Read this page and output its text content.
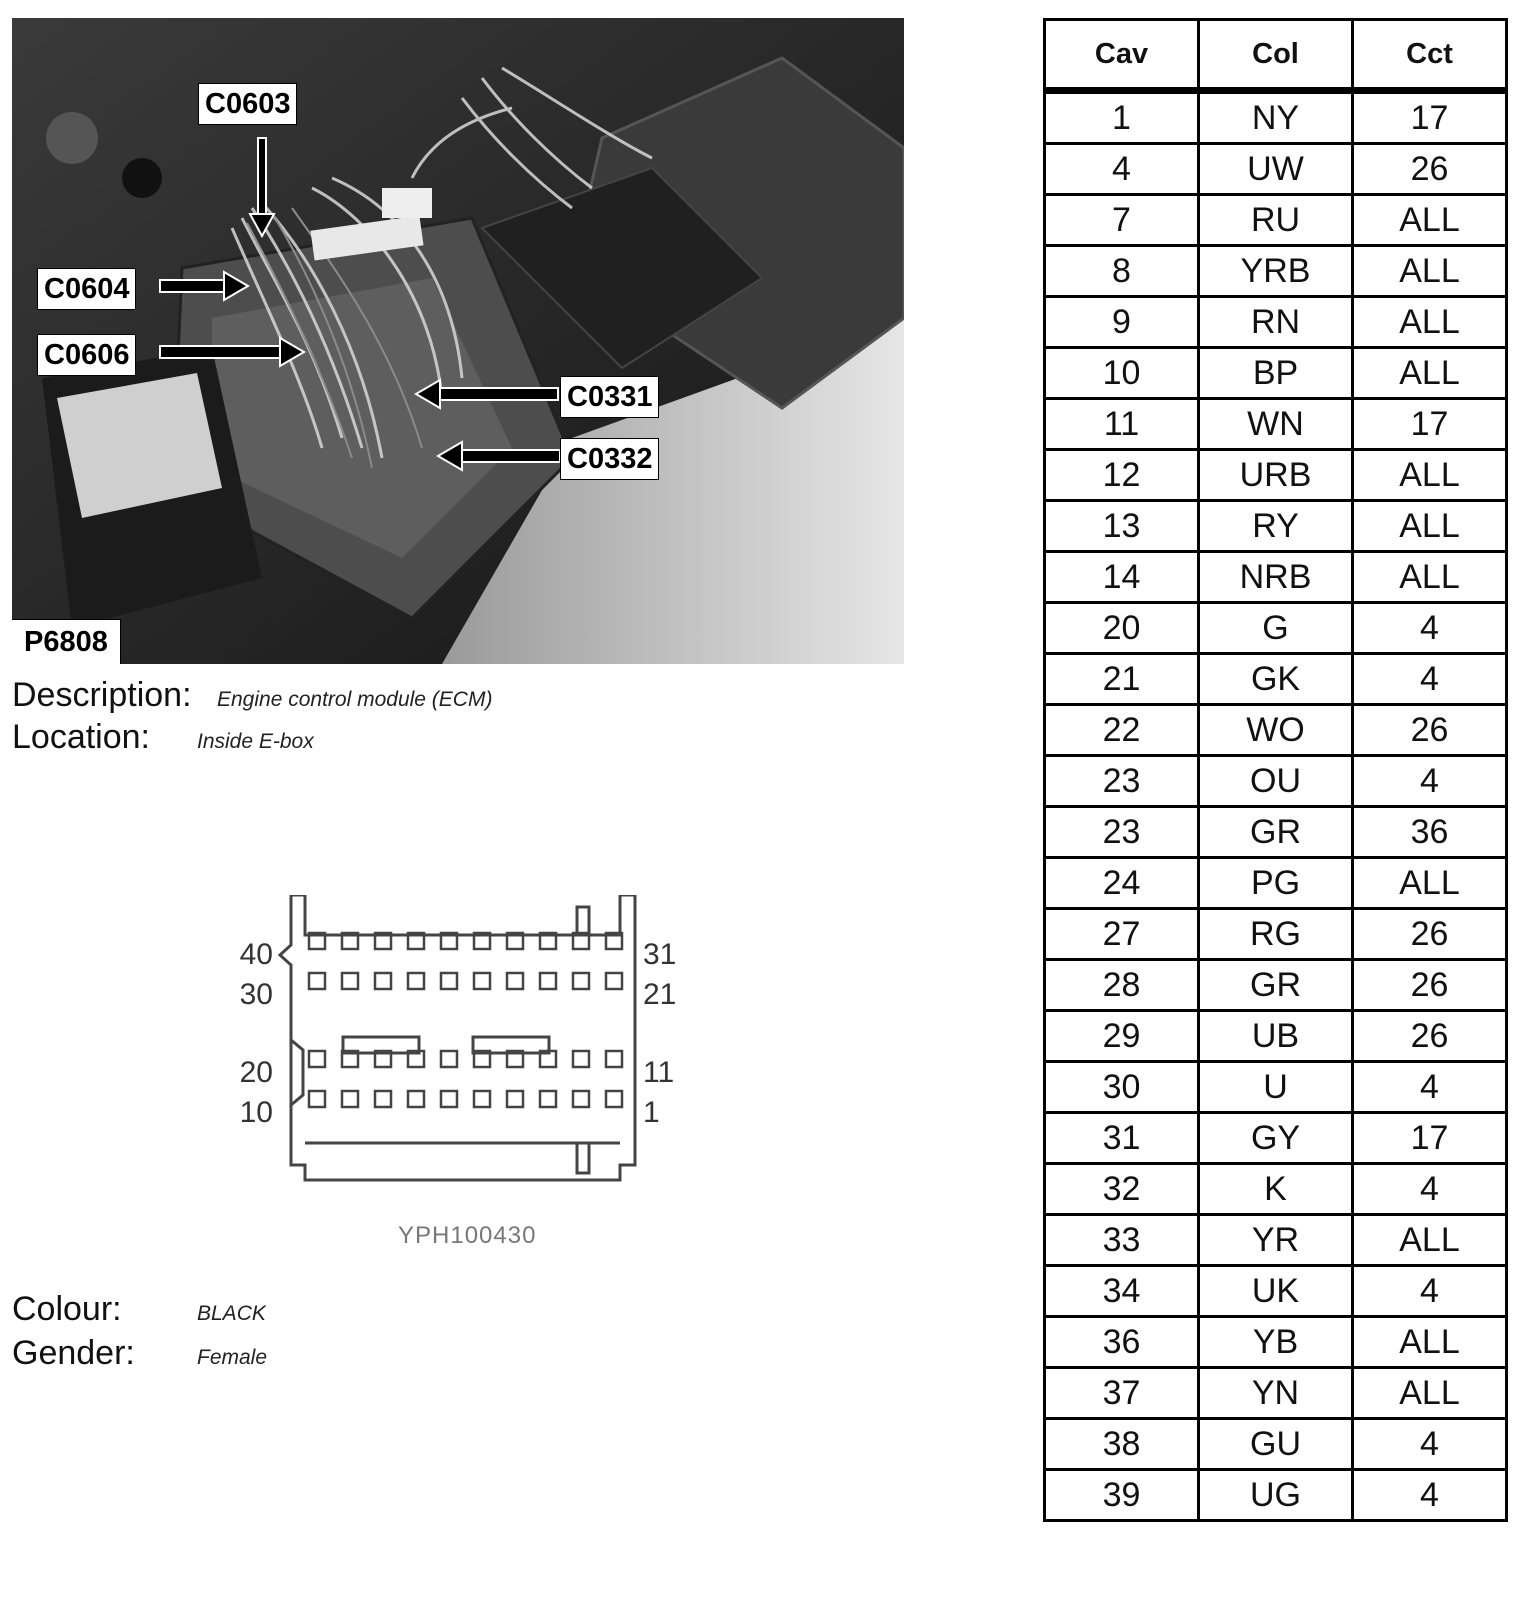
C0603
C0604
C0606
C0331
C0332
P6808
Description: Engine control module (ECM)
Location: Inside E-box
40
30
20
10
31
21
11
1
YPH100430
Colour:	BLACK
Gender:	Female
Cav	Col	Cct
1	NY	17
4	UW	26
7	RU	ALL
8	YRB	ALL
9	RN	ALL
10	BP	ALL
11	WN	17
12	URB	ALL
13	RY	ALL
14	NRB	ALL
20	G	4
21	GK	4
22	WO	26
23	OU	4
23	GR	36
24	PG	ALL
27	RG	26
28	GR	26
29	UB	26
30	U	4
31	GY	17
32	K	4
33	YR	ALL
34	UK	4
36	YB	ALL
37	YN	ALL
38	GU	4
39	UG	4
